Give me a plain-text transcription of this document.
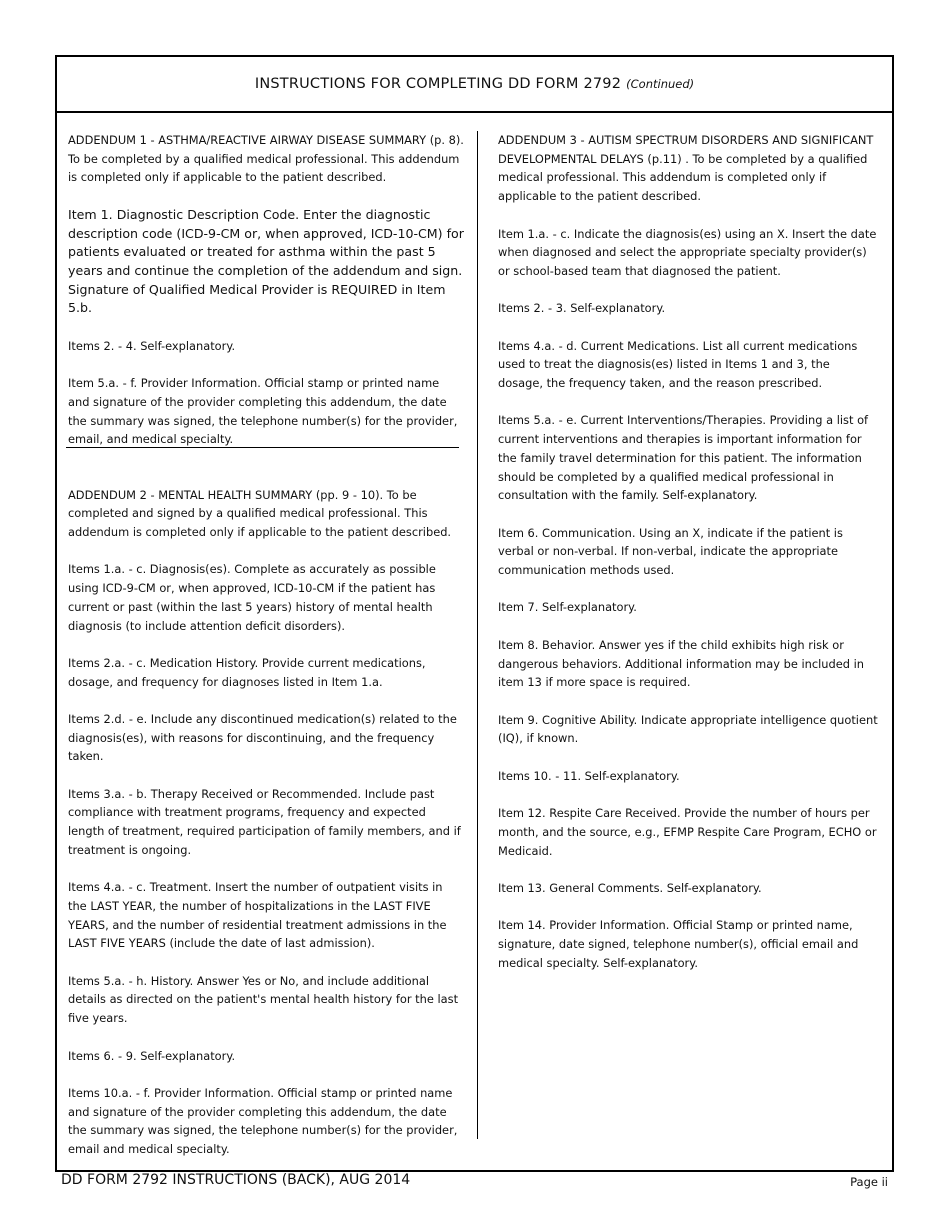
INSTRUCTIONS FOR COMPLETING DD FORM 2792 (Continued)

ADDENDUM 1 - ASTHMA/REACTIVE AIRWAY DISEASE SUMMARY (p. 8). To be completed by a qualified medical professional. This addendum is completed only if applicable to the patient described.

Item 1. Diagnostic Description Code. Enter the diagnostic description code (ICD-9-CM or, when approved, ICD-10-CM) for patients evaluated or treated for asthma within the past 5 years and continue the completion of the addendum and sign. Signature of Qualified Medical Provider is REQUIRED in Item 5.b.

Items 2. - 4. Self-explanatory.

Item 5.a. - f. Provider Information. Official stamp or printed name and signature of the provider completing this addendum, the date the summary was signed, the telephone number(s) for the provider, email, and medical specialty.

ADDENDUM 2 - MENTAL HEALTH SUMMARY (pp. 9 - 10). To be completed and signed by a qualified medical professional. This addendum is completed only if applicable to the patient described.

Items 1.a. - c. Diagnosis(es). Complete as accurately as possible using ICD-9-CM or, when approved, ICD-10-CM if the patient has current or past (within the last 5 years) history of mental health diagnosis (to include attention deficit disorders).

Items 2.a. - c. Medication History. Provide current medications, dosage, and frequency for diagnoses listed in Item 1.a.

Items 2.d. - e. Include any discontinued medication(s) related to the diagnosis(es), with reasons for discontinuing, and the frequency taken.

Items 3.a. - b. Therapy Received or Recommended. Include past compliance with treatment programs, frequency and expected length of treatment, required participation of family members, and if treatment is ongoing.

Items 4.a. - c. Treatment. Insert the number of outpatient visits in the LAST YEAR, the number of hospitalizations in the LAST FIVE YEARS, and the number of residential treatment admissions in the LAST FIVE YEARS (include the date of last admission).

Items 5.a. - h. History. Answer Yes or No, and include additional details as directed on the patient's mental health history for the last five years.

Items 6. - 9. Self-explanatory.

Items 10.a. - f. Provider Information. Official stamp or printed name and signature of the provider completing this addendum, the date the summary was signed, the telephone number(s) for the provider, email and medical specialty.

ADDENDUM 3 - AUTISM SPECTRUM DISORDERS AND SIGNIFICANT DEVELOPMENTAL DELAYS (p.11) . To be completed by a qualified medical professional. This addendum is completed only if applicable to the patient described.

Item 1.a. - c. Indicate the diagnosis(es) using an X. Insert the date when diagnosed and select the appropriate specialty provider(s) or school-based team that diagnosed the patient.

Items 2. - 3. Self-explanatory.

Items 4.a. - d. Current Medications. List all current medications used to treat the diagnosis(es) listed in Items 1 and 3, the dosage, the frequency taken, and the reason prescribed.

Items 5.a. - e. Current Interventions/Therapies. Providing a list of current interventions and therapies is important information for the family travel determination for this patient. The information should be completed by a qualified medical professional in consultation with the family. Self-explanatory.

Item 6. Communication. Using an X, indicate if the patient is verbal or non-verbal. If non-verbal, indicate the appropriate communication methods used.

Item 7. Self-explanatory.

Item 8. Behavior. Answer yes if the child exhibits high risk or dangerous behaviors. Additional information may be included in item 13 if more space is required.

Item 9. Cognitive Ability. Indicate appropriate intelligence quotient (IQ), if known.

Items 10. - 11. Self-explanatory.

Item 12. Respite Care Received. Provide the number of hours per month, and the source, e.g., EFMP Respite Care Program, ECHO or Medicaid.

Item 13. General Comments. Self-explanatory.

Item 14. Provider Information. Official Stamp or printed name, signature, date signed, telephone number(s), official email and medical specialty. Self-explanatory.

DD FORM 2792 INSTRUCTIONS (BACK), AUG 2014	Page ii
